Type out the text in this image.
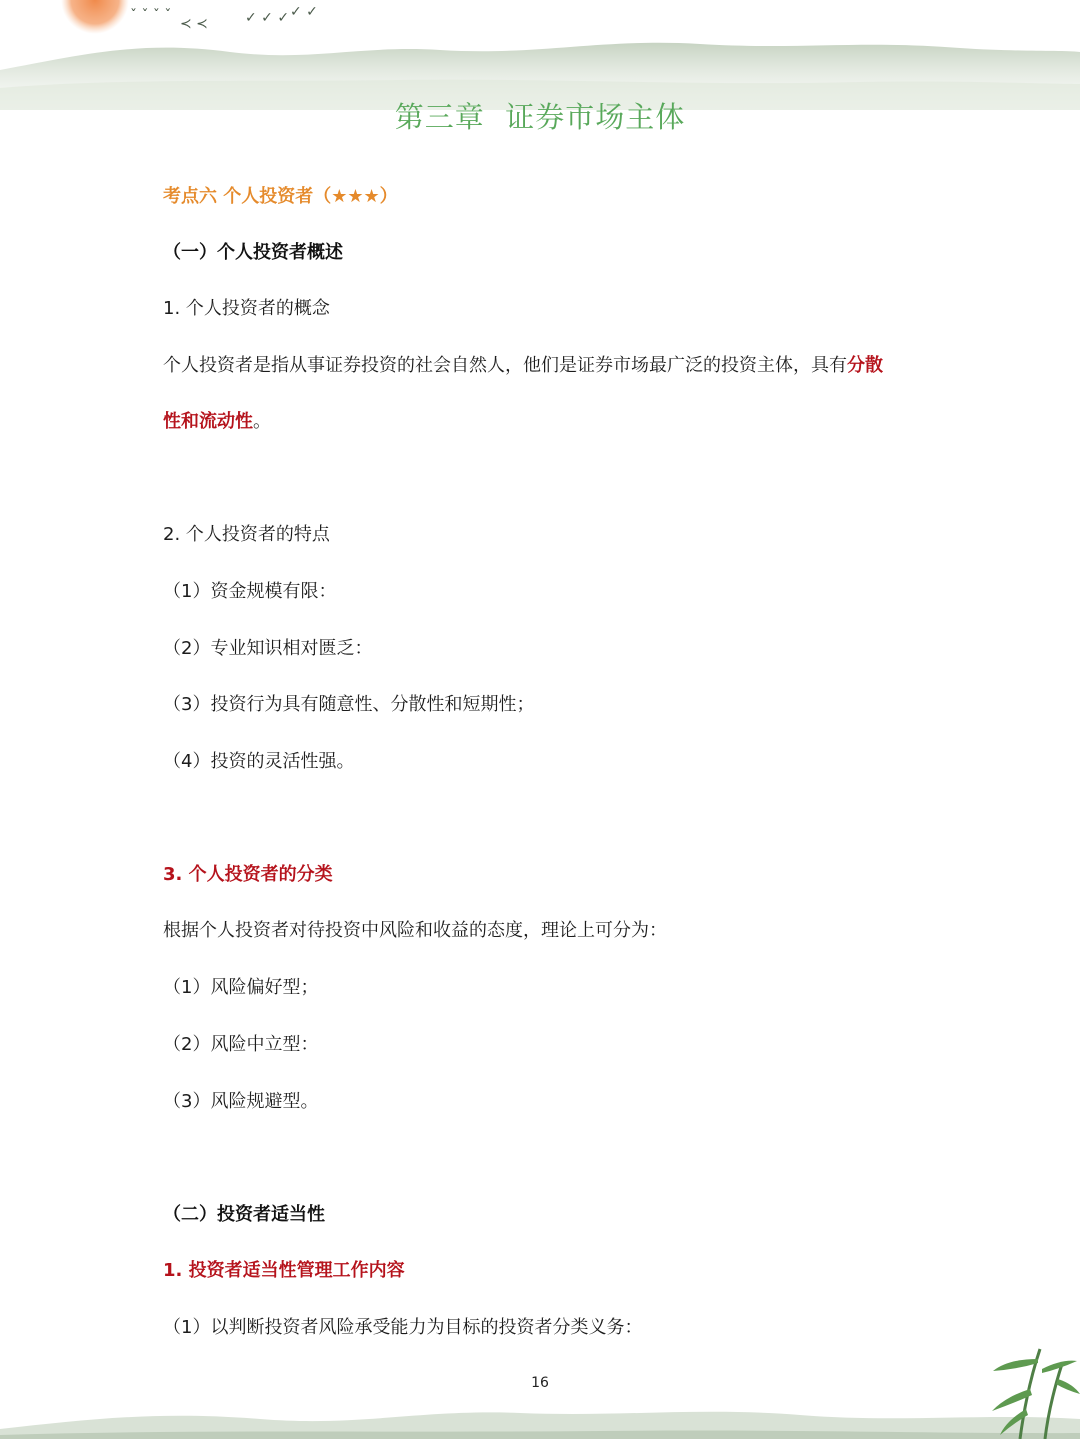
ˇ ˇ ˇ ˇ ≺ ≺	✓ ✓ ✓ ✓ ✓
第三章  证券市场主体
考点六 个人投资者（★★★）
（一）个人投资者概述
1. 个人投资者的概念
个人投资者是指从事证券投资的社会自然人，他们是证券市场最广泛的投资主体，具有分散
性和流动性。
2. 个人投资者的特点
（1）资金规模有限：
（2）专业知识相对匮乏：
（3）投资行为具有随意性、分散性和短期性；
（4）投资的灵活性强。
3. 个人投资者的分类
根据个人投资者对待投资中风险和收益的态度，理论上可分为：
（1）风险偏好型；
（2）风险中立型：
（3）风险规避型。
（二）投资者适当性
1. 投资者适当性管理工作内容
（1）以判断投资者风险承受能力为目标的投资者分类义务：
16
